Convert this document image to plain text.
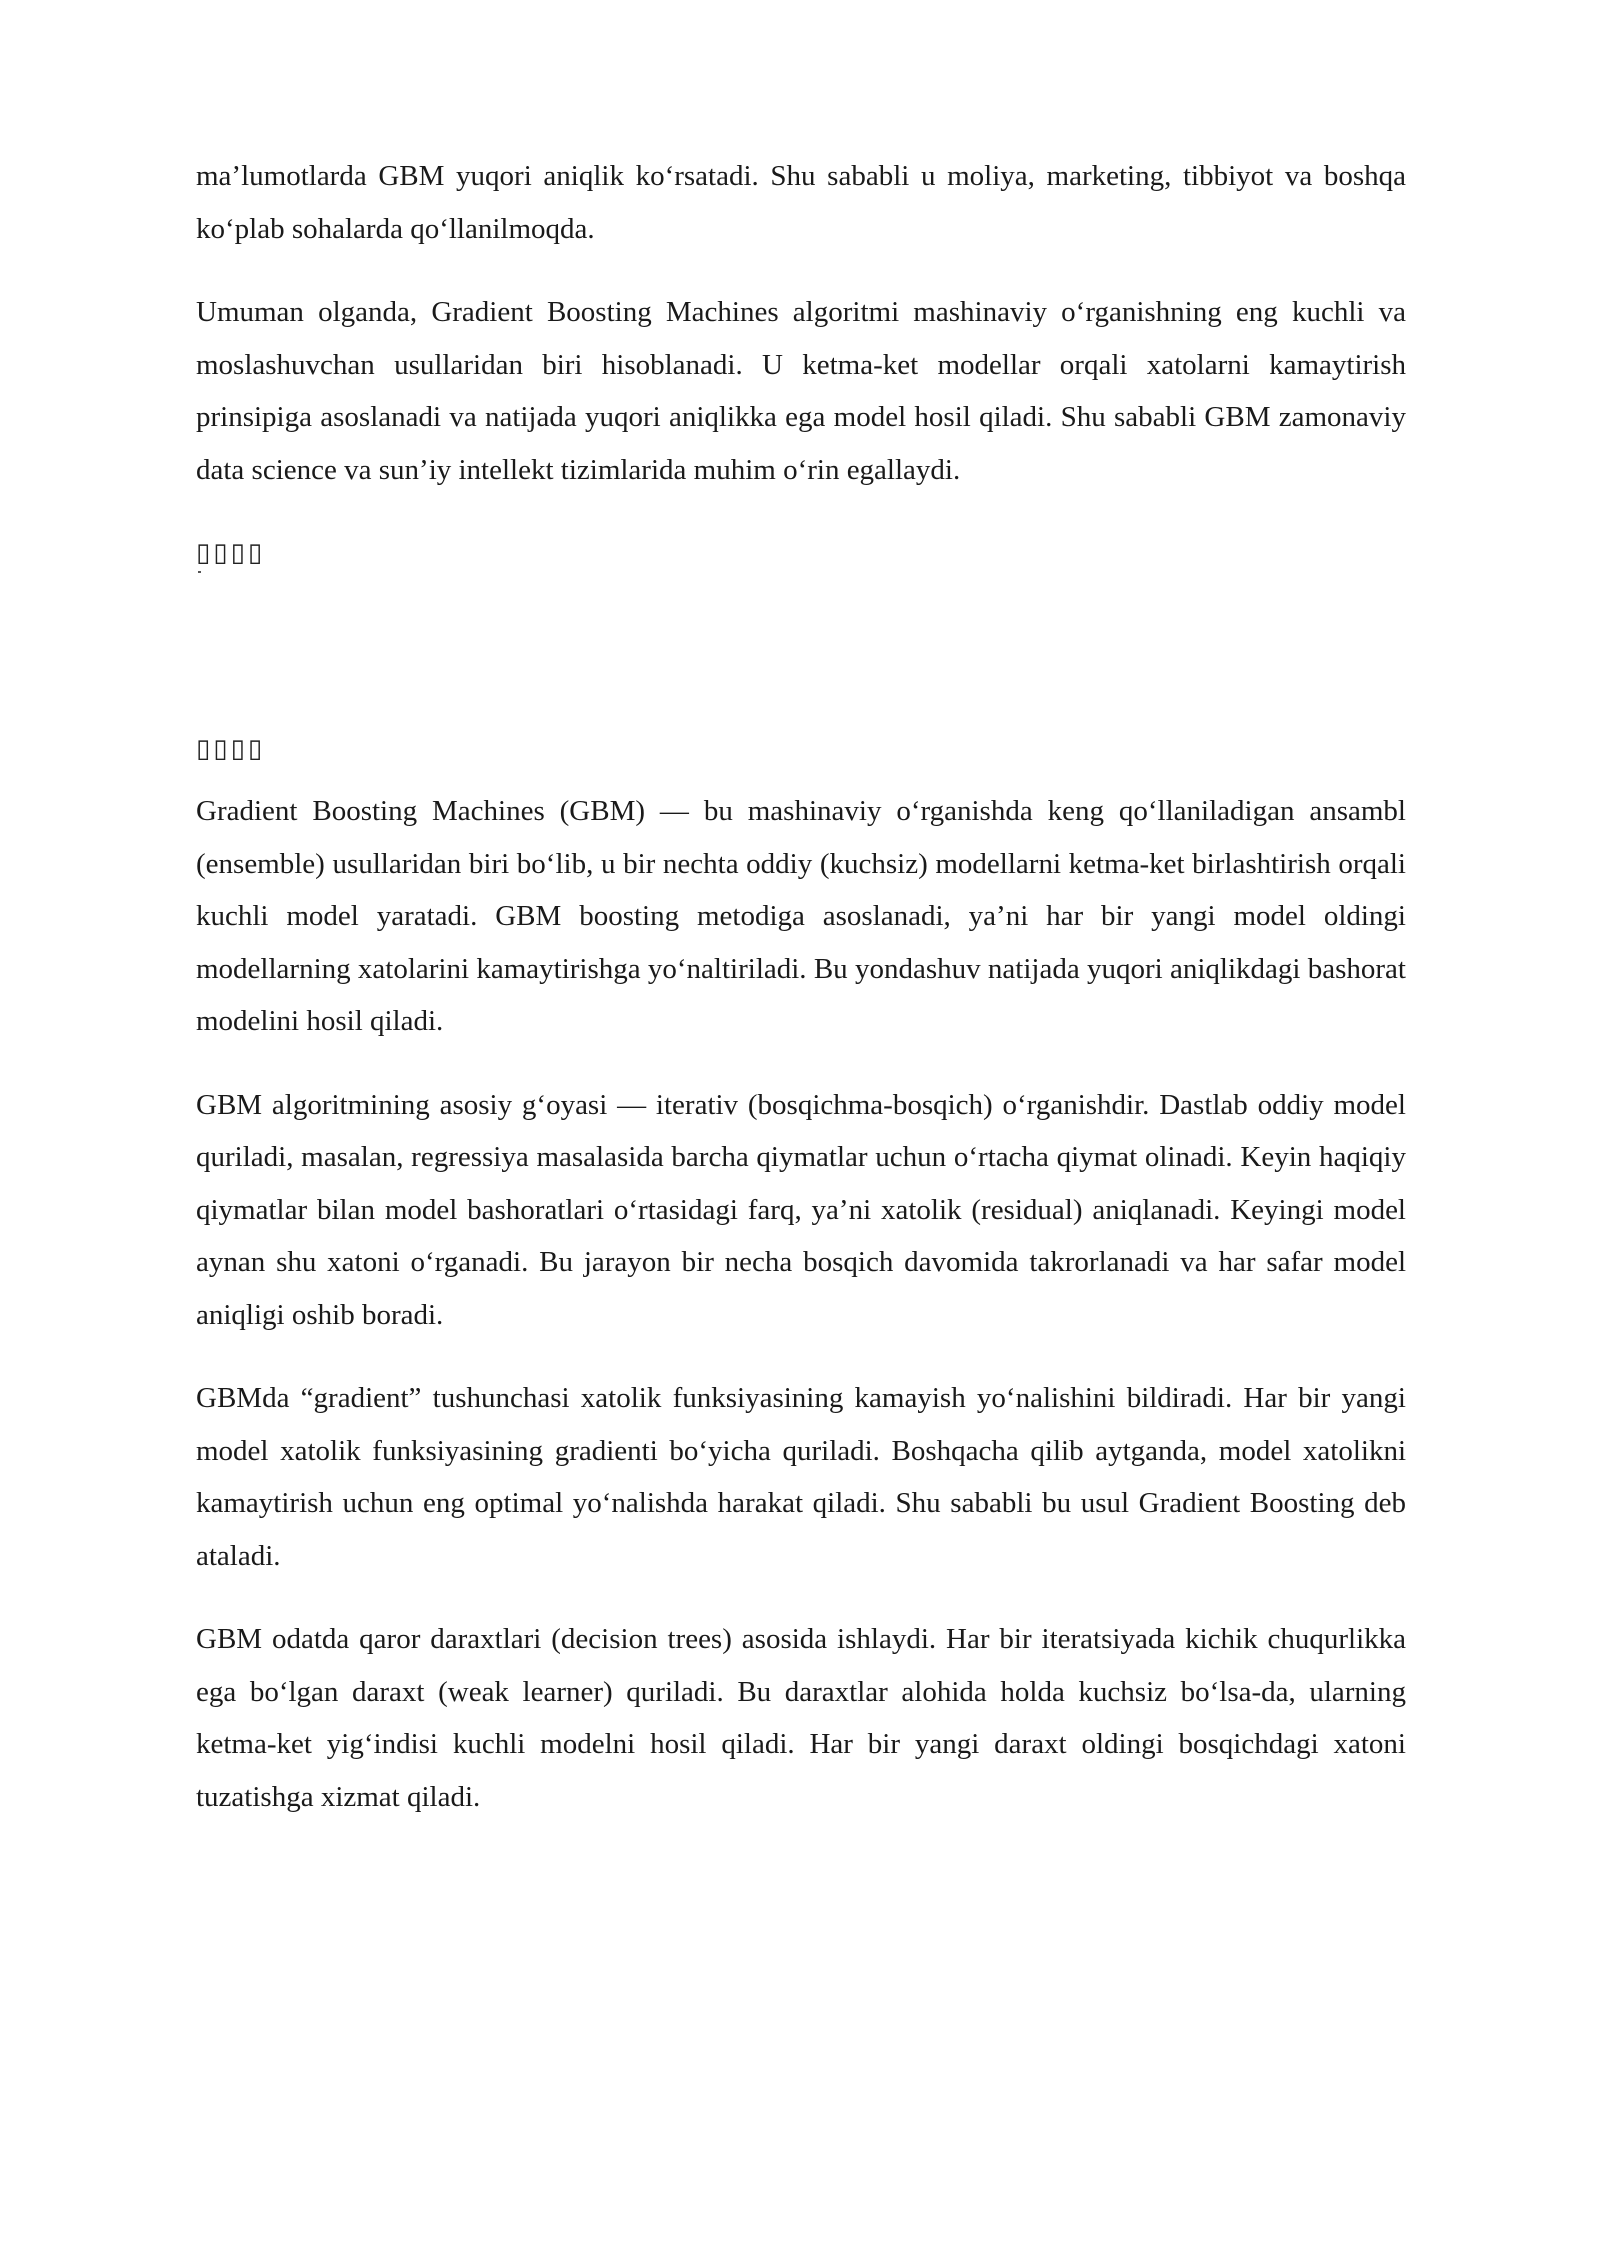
ma’lumotlarda GBM yuqori aniqlik ko‘rsatadi. Shu sababli u moliya, marketing, tibbiyot va boshqa ko‘plab sohalarda qo‘llanilmoqda.

Umuman olganda, Gradient Boosting Machines algoritmi mashinaviy o‘rganishning eng kuchli va moslashuvchan usullaridan biri hisoblanadi. U ketma-ket modellar orqali xatolarni kamaytirish prinsipiga asoslanadi va natijada yuqori aniqlikka ega model hosil qiladi. Shu sababli GBM zamonaviy data science va sun’iy intellekt tizimlarida muhim o‘rin egallaydi.

▯▯▯▯
▯▯▯▯

Gradient Boosting Machines (GBM) — bu mashinaviy o‘rganishda keng qo‘llaniladigan ansambl (ensemble) usullaridan biri bo‘lib, u bir nechta oddiy (kuchsiz) modellarni ketma-ket birlashtirish orqali kuchli model yaratadi. GBM boosting metodiga asoslanadi, ya’ni har bir yangi model oldingi modellarning xatolarini kamaytirishga yo‘naltiriladi. Bu yondashuv natijada yuqori aniqlikdagi bashorat modelini hosil qiladi.

GBM algoritmining asosiy g‘oyasi — iterativ (bosqichma-bosqich) o‘rganishdir. Dastlab oddiy model quriladi, masalan, regressiya masalasida barcha qiymatlar uchun o‘rtacha qiymat olinadi. Keyin haqiqiy qiymatlar bilan model bashoratlari o‘rtasidagi farq, ya’ni xatolik (residual) aniqlanadi. Keyingi model aynan shu xatoni o‘rganadi. Bu jarayon bir necha bosqich davomida takrorlanadi va har safar model aniqligi oshib boradi.

GBMda “gradient” tushunchasi xatolik funksiyasining kamayish yo‘nalishini bildiradi. Har bir yangi model xatolik funksiyasining gradienti bo‘yicha quriladi. Boshqacha qilib aytganda, model xatolikni kamaytirish uchun eng optimal yo‘nalishda harakat qiladi. Shu sababli bu usul Gradient Boosting deb ataladi.

GBM odatda qaror daraxtlari (decision trees) asosida ishlaydi. Har bir iteratsiyada kichik chuqurlikka ega bo‘lgan daraxt (weak learner) quriladi. Bu daraxtlar alohida holda kuchsiz bo‘lsa-da, ularning ketma-ket yig‘indisi kuchli modelni hosil qiladi. Har bir yangi daraxt oldingi bosqichdagi xatoni tuzatishga xizmat qiladi.
